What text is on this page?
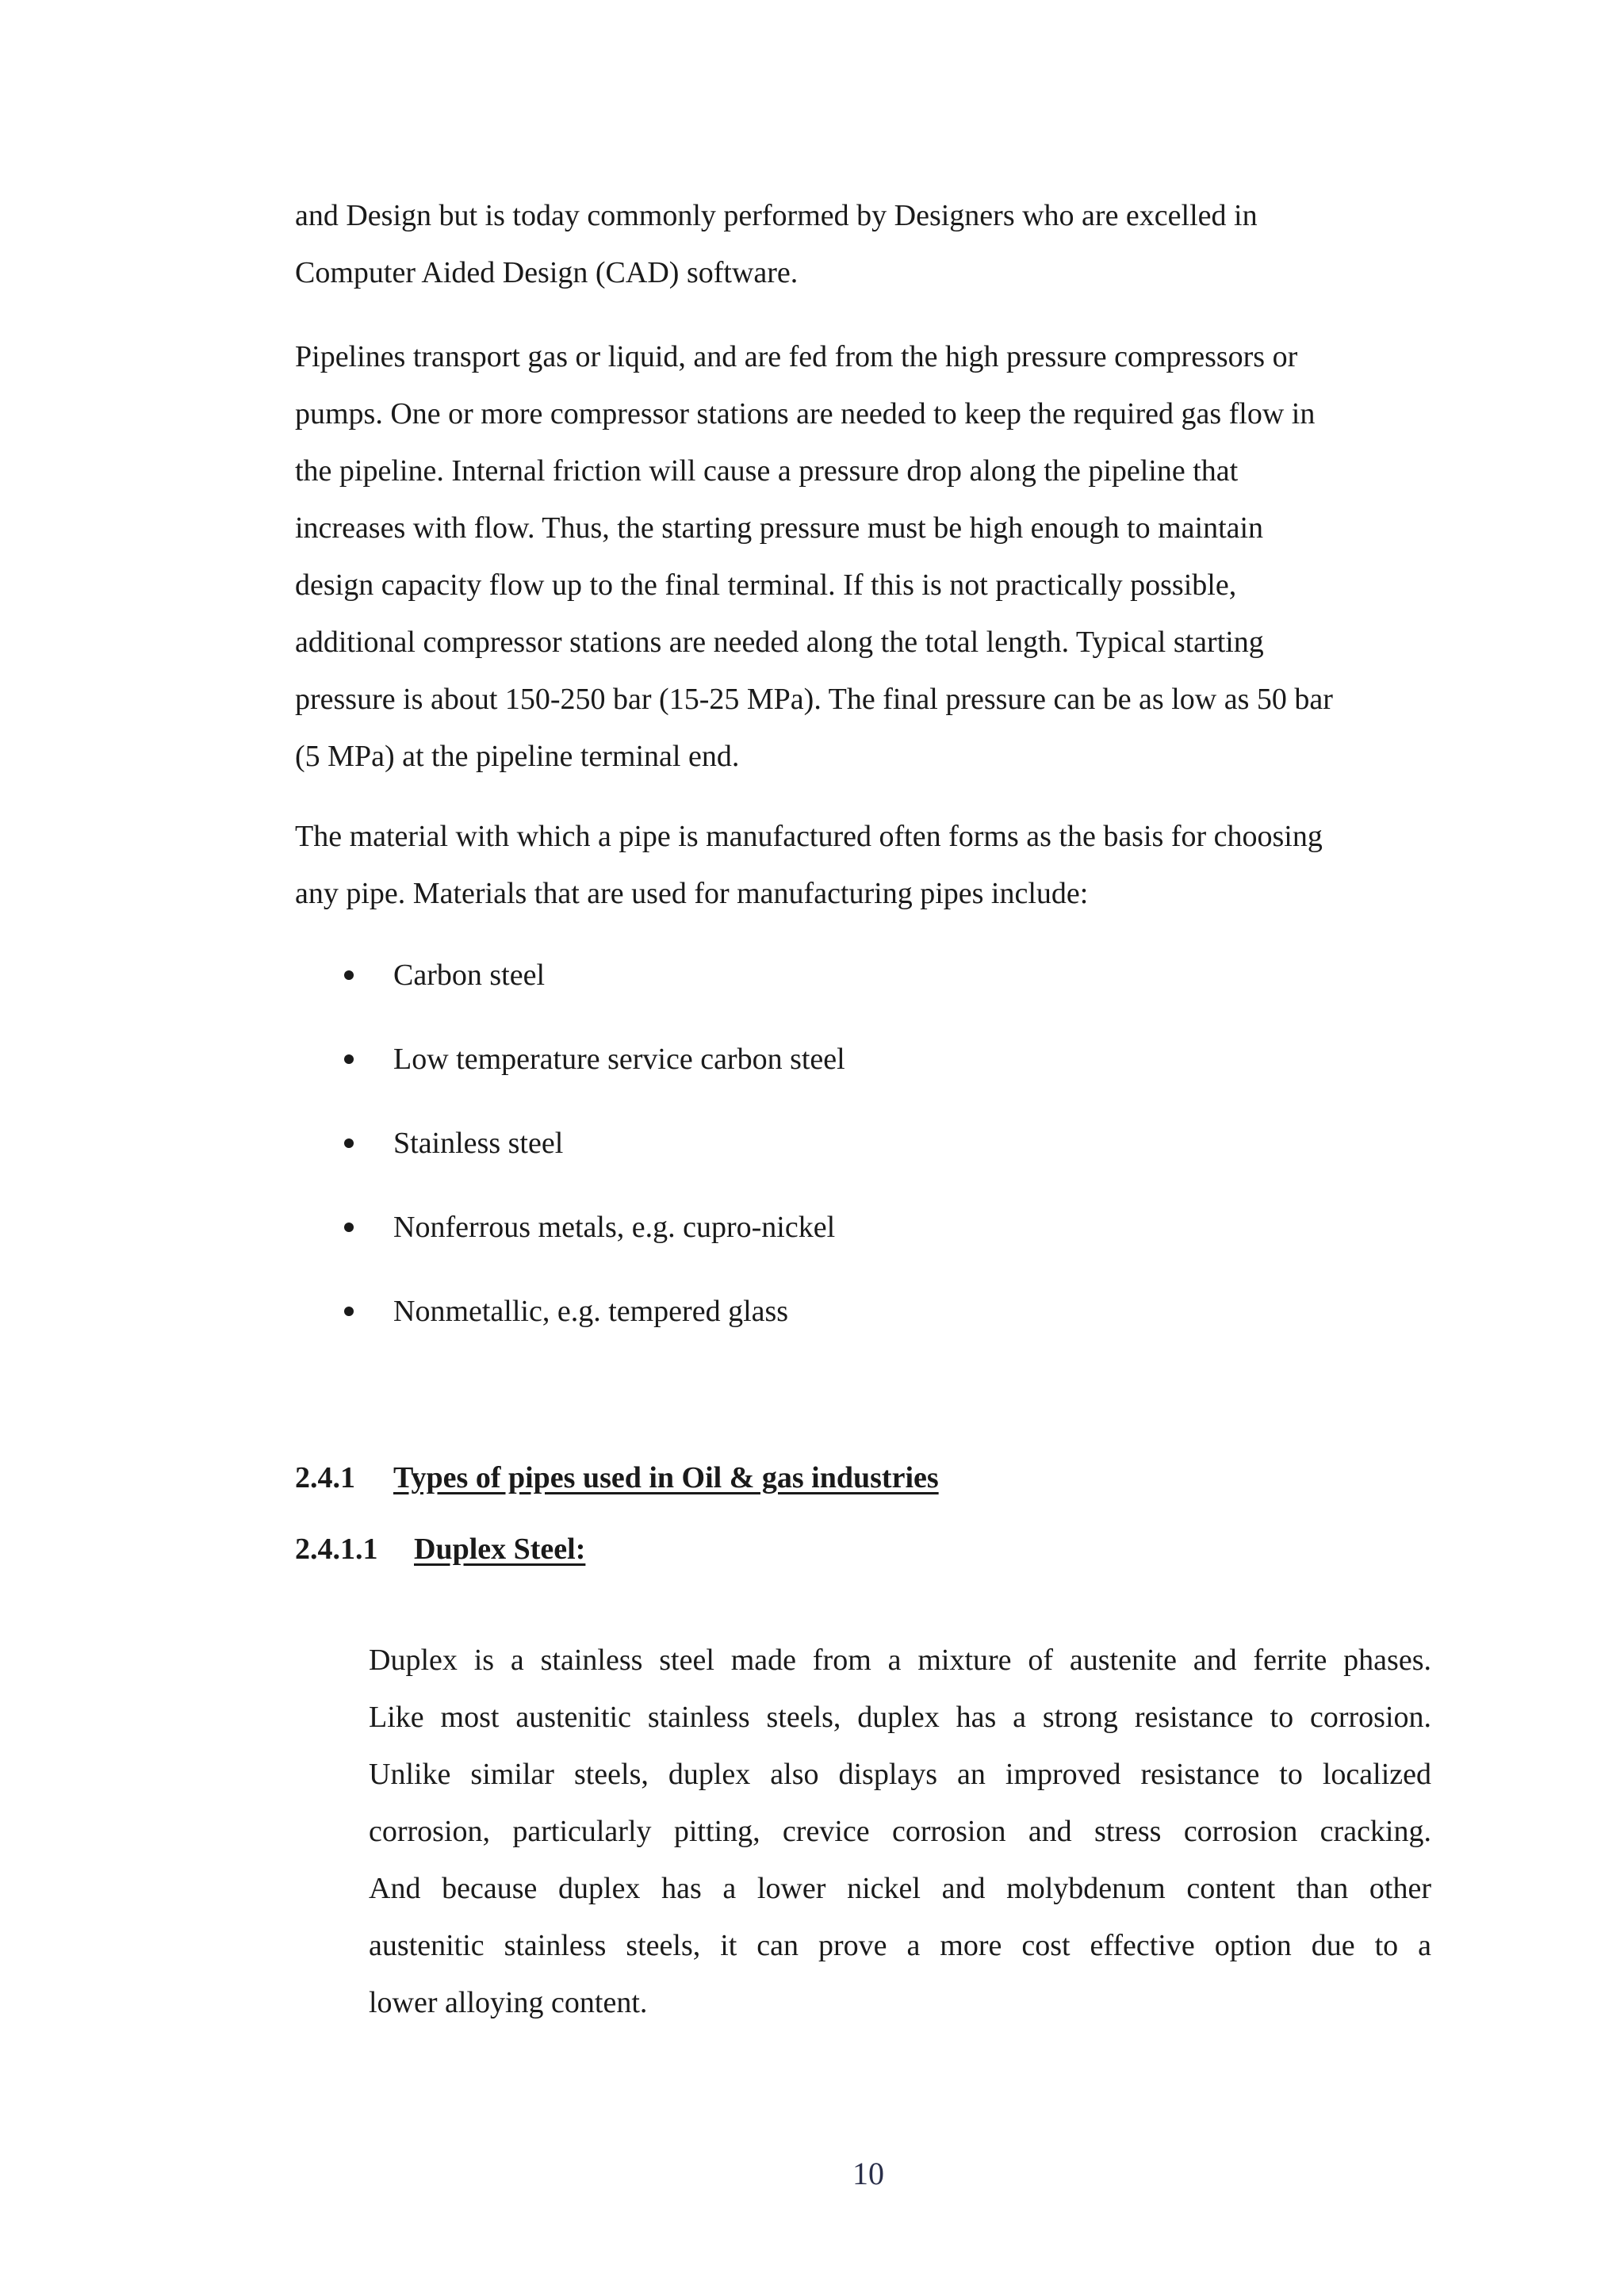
and Design but is today commonly performed by Designers who are excelled in
Computer Aided Design (CAD) software.

Pipelines transport gas or liquid, and are fed from the high pressure compressors or
pumps. One or more compressor stations are needed to keep the required gas flow in
the pipeline. Internal friction will cause a pressure drop along the pipeline that
increases with flow. Thus, the starting pressure must be high enough to maintain
design capacity flow up to the final terminal. If this is not practically possible,
additional compressor stations are needed along the total length. Typical starting
pressure is about 150-250 bar (15-25 MPa). The final pressure can be as low as 50 bar
(5 MPa) at the pipeline terminal end.

The material with which a pipe is manufactured often forms as the basis for choosing
any pipe. Materials that are used for manufacturing pipes include:

Carbon steel
Low temperature service carbon steel
Stainless steel
Nonferrous metals, e.g. cupro-nickel
Nonmetallic, e.g. tempered glass
2.4.1 Types of pipes used in Oil & gas industries
2.4.1.1 Duplex Steel:
Duplex is a stainless steel made from a mixture of austenite and ferrite phases.
Like most austenitic stainless steels, duplex has a strong resistance to corrosion.
Unlike similar steels, duplex also displays an improved resistance to localized
corrosion, particularly pitting, crevice corrosion and stress corrosion cracking.
And because duplex has a lower nickel and molybdenum content than other
austenitic stainless steels, it can prove a more cost effective option due to a
lower alloying content.
10
